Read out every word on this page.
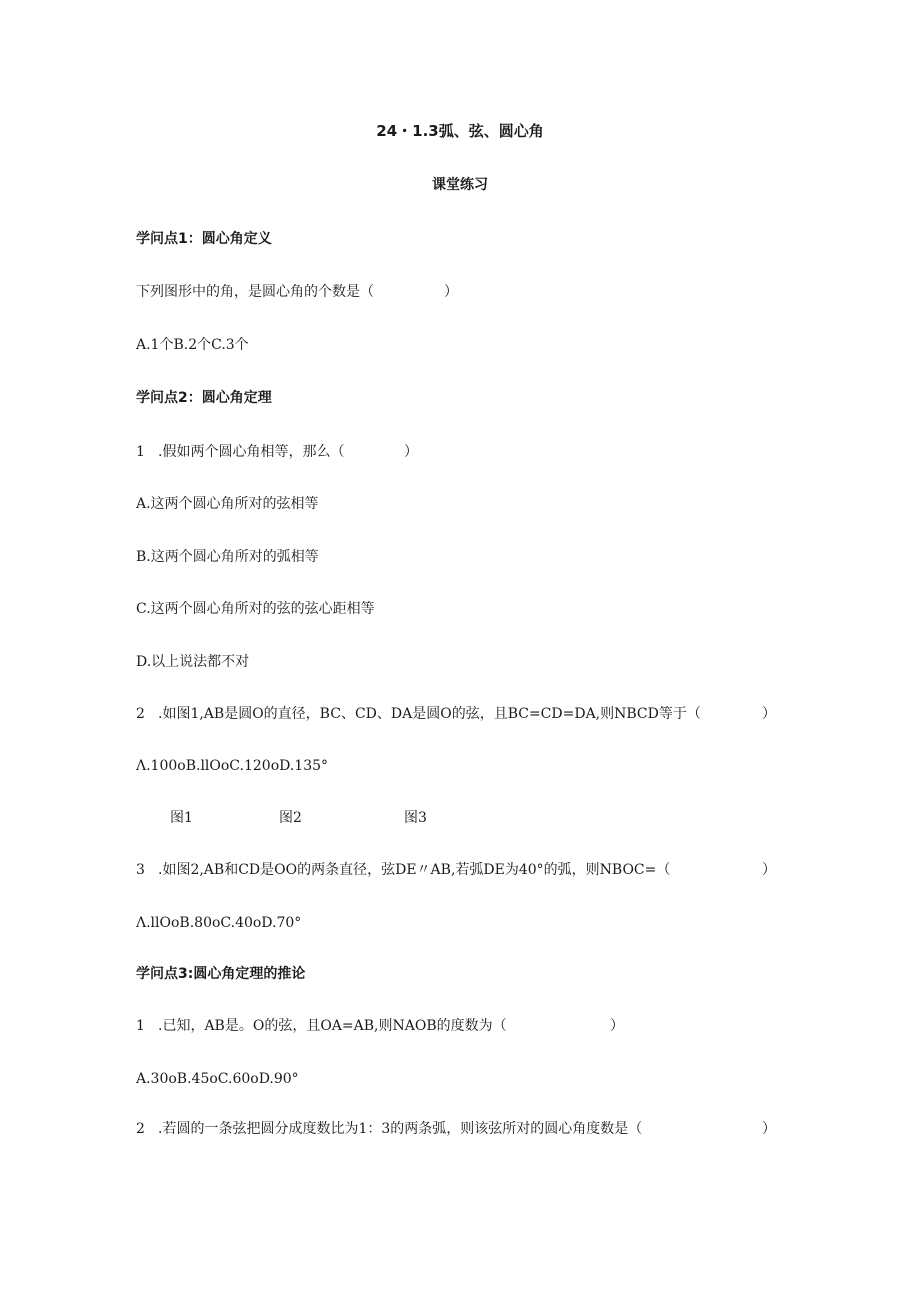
24・1.3弧、弦、圆心角
课堂练习
学问点1：圆心角定义
下列图形中的角，是圆心角的个数是（	）
A.1个B.2个C.3个
学问点2：圆心角定理
1 .假如两个圆心角相等，那么（	）
A.这两个圆心角所对的弦相等
B.这两个圆心角所对的弧相等
C.这两个圆心角所对的弦的弦心距相等
D.以上说法都不对
2 .如图1,AB是圆O的直径，BC、CD、DA是圆O的弦，且BC=CD=DA,则NBCD等于（	）
Λ.100oB.llOoC.120oD.135°
图1	图2	图3
3 .如图2,AB和CD是OO的两条直径，弦DE〃AB,若弧DE为40°的弧，则NBOC=（	）
Λ.llOoB.80oC.40oD.70°
学问点3:圆心角定理的推论
1 .已知，AB是。O的弦，且OA=AB,则NAOB的度数为（	）
A.30oB.45oC.60oD.90°
2 .若圆的一条弦把圆分成度数比为1：3的两条弧，则该弦所对的圆心角度数是（	）
